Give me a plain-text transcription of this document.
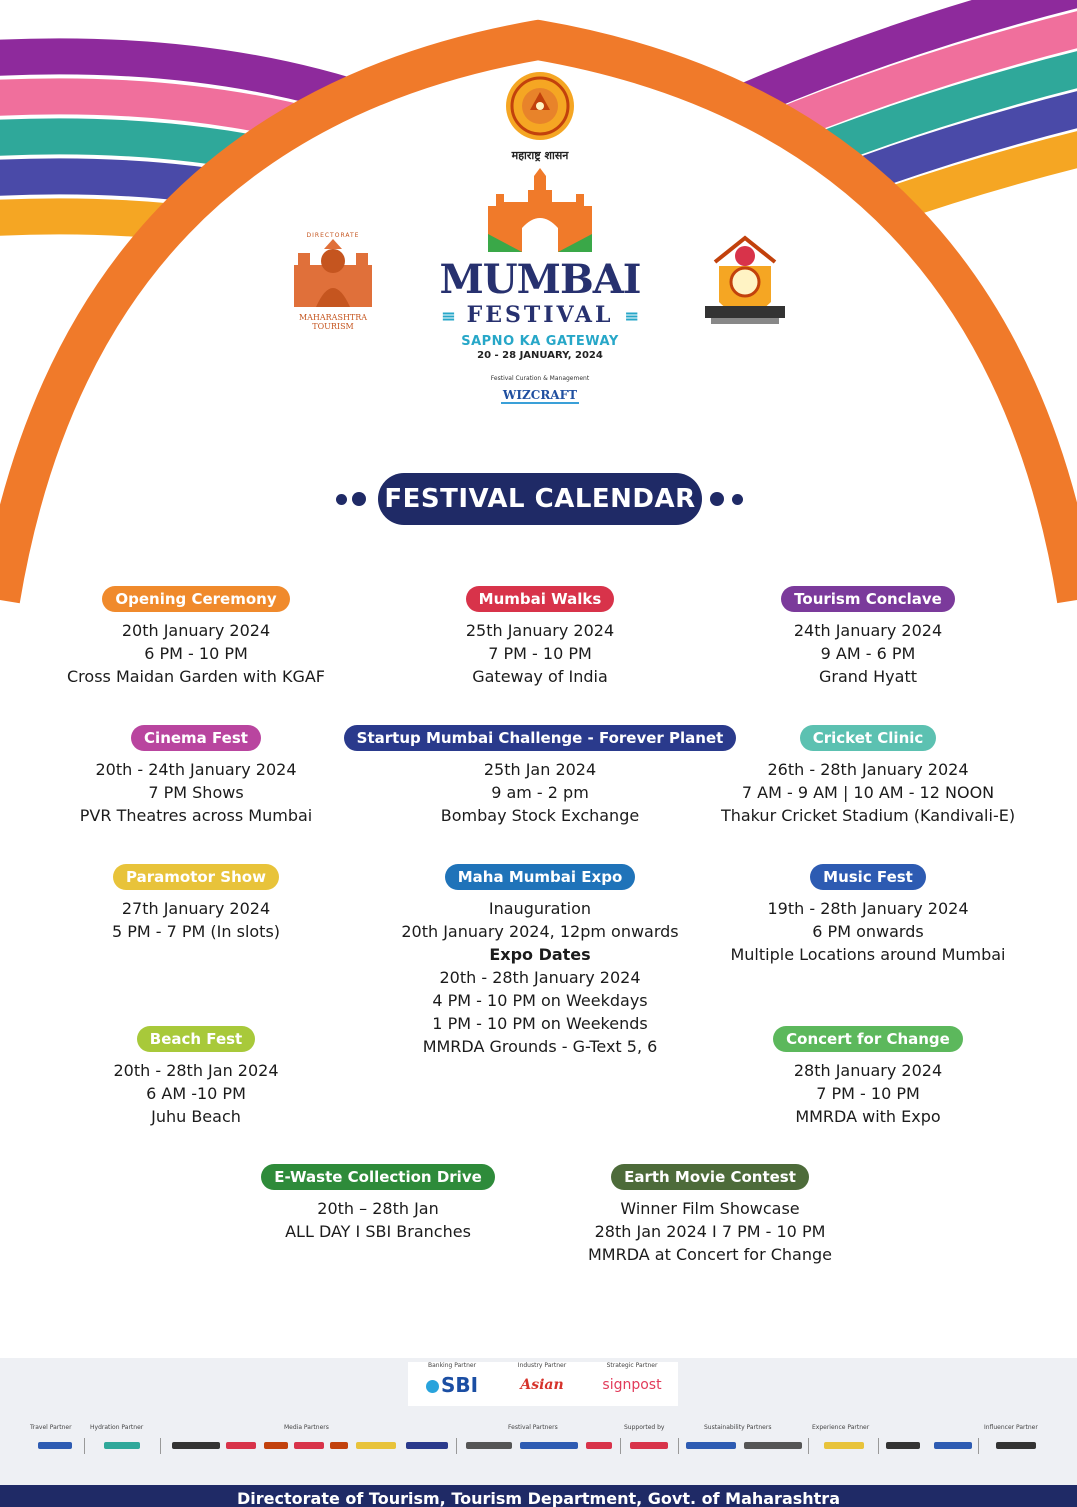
महाराष्ट्र शासन
MUMBAI
≡ FESTIVAL ≡
SAPNO KA GATEWAY
20 - 28 JANUARY, 2024
Festival Curation & Management
WIZCRAFT
DIRECTORATE
MAHARASHTRA TOURISM
FESTIVAL CALENDAR
Opening Ceremony
20th January 2024
6 PM - 10 PM
Cross Maidan Garden with KGAF
Mumbai Walks
25th January 2024
7 PM - 10 PM
Gateway of India
Tourism Conclave
24th January 2024
9 AM - 6 PM
Grand Hyatt
Cinema Fest
20th - 24th January 2024
7 PM Shows
PVR Theatres across Mumbai
Startup Mumbai Challenge - Forever Planet
25th Jan 2024
9 am - 2 pm
Bombay Stock Exchange
Cricket Clinic
26th - 28th January 2024
7 AM - 9 AM | 10 AM - 12 NOON
Thakur Cricket Stadium (Kandivali-E)
Paramotor Show
27th January 2024
5 PM - 7 PM (In slots)
Maha Mumbai Expo
Inauguration
20th January 2024, 12pm onwards
Expo Dates
20th - 28th January 2024
4 PM - 10 PM on Weekdays
1 PM - 10 PM on Weekends
MMRDA Grounds - G-Text 5, 6
Music Fest
19th - 28th January 2024
6 PM onwards
Multiple Locations around Mumbai
Beach Fest
20th - 28th Jan 2024
6 AM -10 PM
Juhu Beach
Concert for Change
28th January 2024
7 PM - 10 PM
MMRDA with Expo
E-Waste Collection Drive
20th – 28th Jan
ALL DAY I SBI Branches
Earth Movie Contest
Winner Film Showcase
28th Jan 2024 I 7 PM - 10 PM
MMRDA at Concert for Change
Banking Partner
SBI
Industry Partner
Asian
Strategic Partner
signpost
Travel Partner	Hydration Partner	Media Partners	Festival Partners	Supported by	Sustainability Partners	Experience Partner	Influencer Partner
Directorate of Tourism, Tourism Department, Govt. of Maharashtra
